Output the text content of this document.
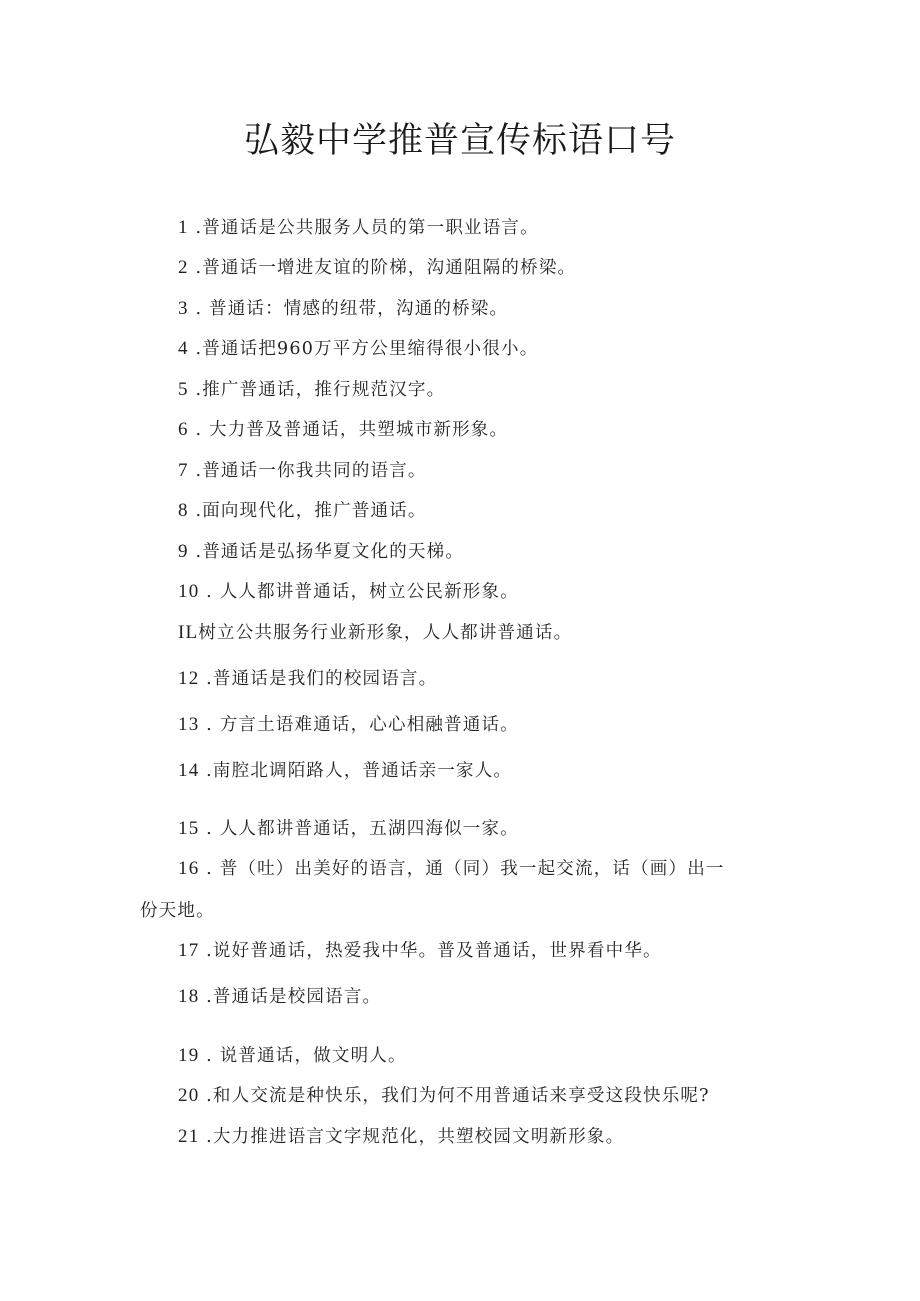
弘毅中学推普宣传标语口号
1 .普通话是公共服务人员的第一职业语言。
2 .普通话一增进友谊的阶梯，沟通阻隔的桥梁。
3 . 普通话：情感的纽带，沟通的桥梁。
4 .普通话把960万平方公里缩得很小很小。
5 .推广普通话，推行规范汉字。
6 . 大力普及普通话，共塑城市新形象。
7 .普通话一你我共同的语言。
8 .面向现代化，推广普通话。
9 .普通话是弘扬华夏文化的天梯。
10 . 人人都讲普通话，树立公民新形象。
IL树立公共服务行业新形象，人人都讲普通话。
12 .普通话是我们的校园语言。
13 . 方言土语难通话，心心相融普通话。
14 .南腔北调陌路人，普通话亲一家人。
15 . 人人都讲普通话，五湖四海似一家。
16 . 普（吐）出美好的语言，通（同）我一起交流，话（画）出一
份天地。
17 .说好普通话，热爱我中华。普及普通话，世界看中华。
18 .普通话是校园语言。
19 . 说普通话，做文明人。
20 .和人交流是种快乐，我们为何不用普通话来享受这段快乐呢?
21 .大力推进语言文字规范化，共塑校园文明新形象。
